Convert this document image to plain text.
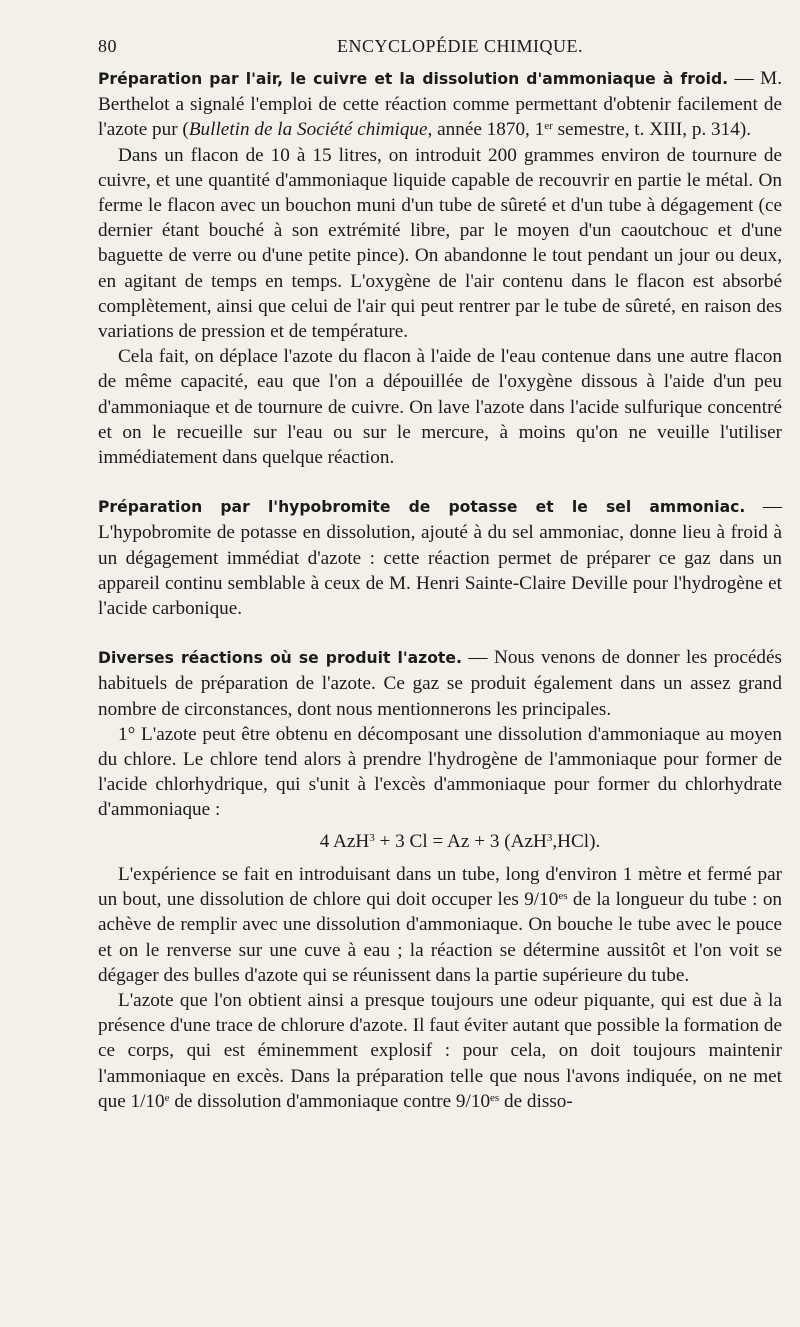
80	ENCYCLOPÉDIE CHIMIQUE.

Préparation par l'air, le cuivre et la dissolution d'ammoniaque à froid. — M. Berthelot a signalé l'emploi de cette réaction comme permettant d'obtenir facilement de l'azote pur (Bulletin de la Société chimique, année 1870, 1er semestre, t. XIII, p. 314).

Dans un flacon de 10 à 15 litres, on introduit 200 grammes environ de tournure de cuivre, et une quantité d'ammoniaque liquide capable de recouvrir en partie le métal. On ferme le flacon avec un bouchon muni d'un tube de sûreté et d'un tube à dégagement (ce dernier étant bouché à son extrémité libre, par le moyen d'un caoutchouc et d'une baguette de verre ou d'une petite pince). On abandonne le tout pendant un jour ou deux, en agitant de temps en temps. L'oxygène de l'air contenu dans le flacon est absorbé complètement, ainsi que celui de l'air qui peut rentrer par le tube de sûreté, en raison des variations de pression et de température.

Cela fait, on déplace l'azote du flacon à l'aide de l'eau contenue dans une autre flacon de même capacité, eau que l'on a dépouillée de l'oxygène dissous à l'aide d'un peu d'ammoniaque et de tournure de cuivre. On lave l'azote dans l'acide sulfurique concentré et on le recueille sur l'eau ou sur le mercure, à moins qu'on ne veuille l'utiliser immédiatement dans quelque réaction.

Préparation par l'hypobromite de potasse et le sel ammoniac. — L'hypobromite de potasse en dissolution, ajouté à du sel ammoniac, donne lieu à froid à un dégagement immédiat d'azote : cette réaction permet de préparer ce gaz dans un appareil continu semblable à ceux de M. Henri Sainte-Claire Deville pour l'hydrogène et l'acide carbonique.

Diverses réactions où se produit l'azote. — Nous venons de donner les procédés habituels de préparation de l'azote. Ce gaz se produit également dans un assez grand nombre de circonstances, dont nous mentionnerons les principales.

1° L'azote peut être obtenu en décomposant une dissolution d'ammoniaque au moyen du chlore. Le chlore tend alors à prendre l'hydrogène de l'ammoniaque pour former de l'acide chlorhydrique, qui s'unit à l'excès d'ammoniaque pour former du chlorhydrate d'ammoniaque :

4 AzH$^3$ + 3 Cl = Az + 3 (AzH$^3$,HCl).

L'expérience se fait en introduisant dans un tube, long d'environ 1 mètre et fermé par un bout, une dissolution de chlore qui doit occuper les $9/10^{es}$ de la longueur du tube : on achève de remplir avec une dissolution d'ammoniaque. On bouche le tube avec le pouce et on le renverse sur une cuve à eau ; la réaction se détermine aussitôt et l'on voit se dégager des bulles d'azote qui se réunissent dans la partie supérieure du tube.

L'azote que l'on obtient ainsi a presque toujours une odeur piquante, qui est due à la présence d'une trace de chlorure d'azote. Il faut éviter autant que possible la formation de ce corps, qui est éminemment explosif : pour cela, on doit toujours maintenir l'ammoniaque en excès. Dans la préparation telle que nous l'avons indiquée, on ne met que 1/10e de dissolution d'ammoniaque contre $9/10^{es}$ de disso-
